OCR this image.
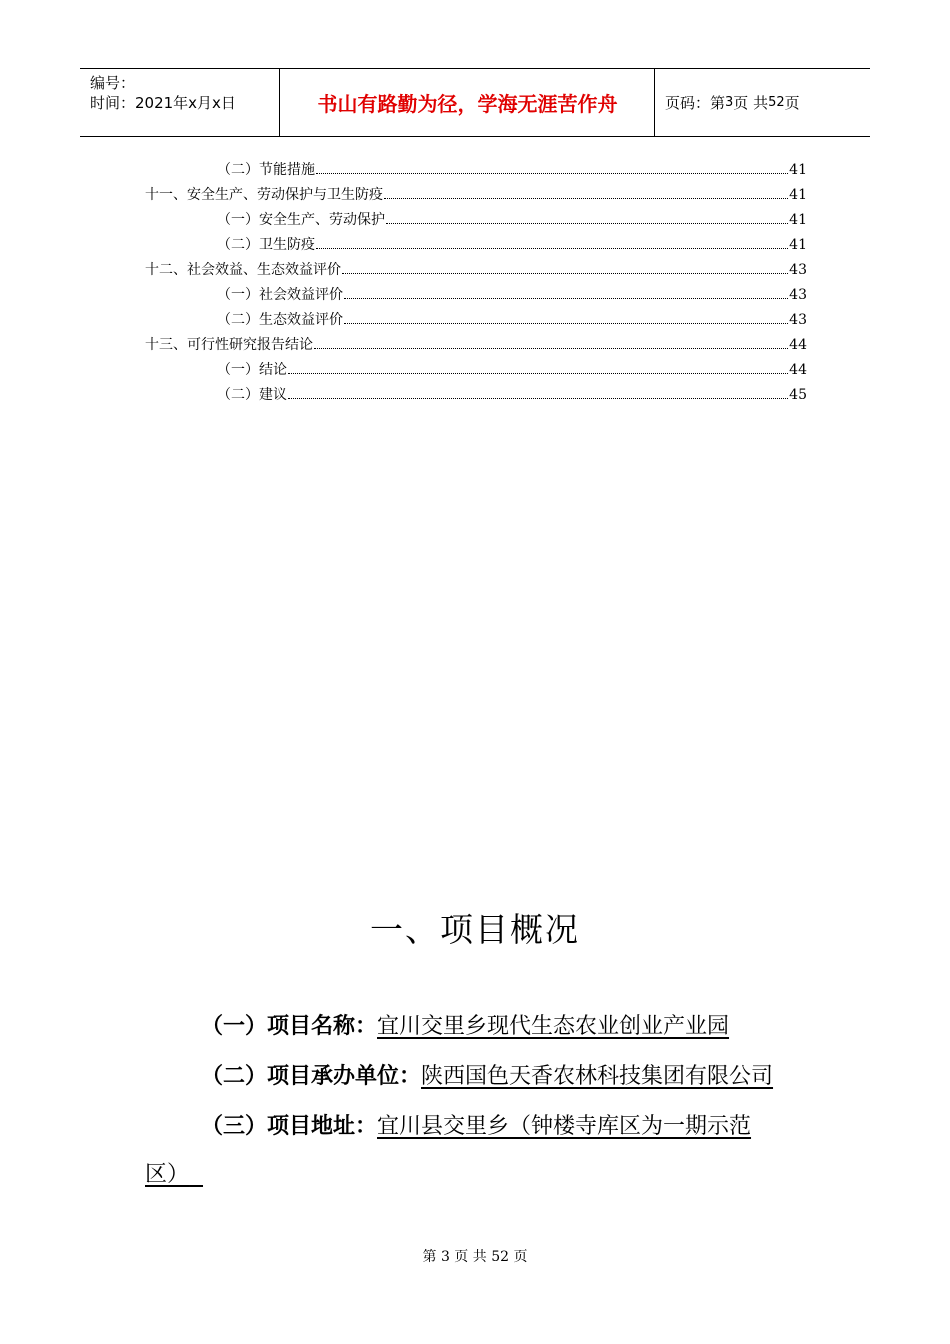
编号：
时间：2021年x月x日	书山有路勤为径，学海无涯苦作舟	页码：第 3 页 共 52 页
（二）节能措施	41
十一、安全生产、劳动保护与卫生防疫	41
（一）安全生产、劳动保护	41
（二）卫生防疫	41
十二、社会效益、生态效益评价	43
（一）社会效益评价	43
（二）生态效益评价	43
十三、可行性研究报告结论	44
（一）结论	44
（二）建议	45
一、项目概况
（一）项目名称：宜川交里乡现代生态农业创业产业园
（二）项目承办单位：陕西国色天香农林科技集团有限公司
（三）项目地址：宜川县交里乡（钟楼寺库区为一期示范
区）
第 3 页 共 52 页
